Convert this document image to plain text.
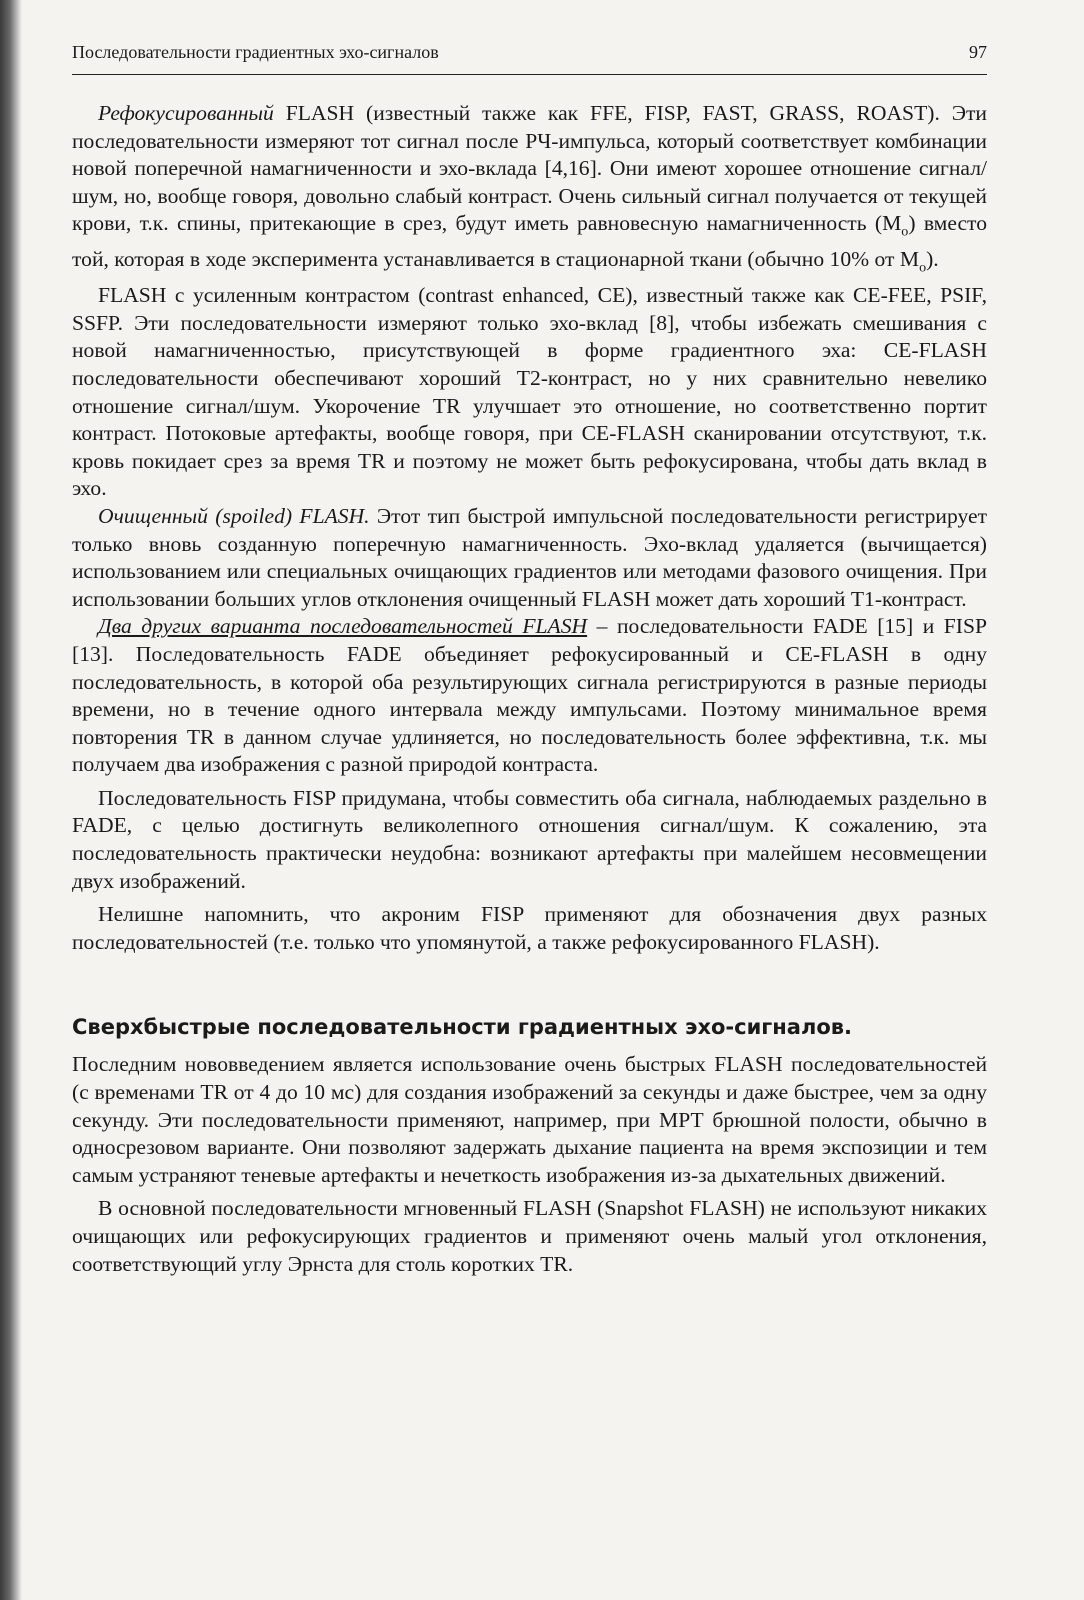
Последовательности градиентных эхо-сигналов	97

Рефокусированный FLASH (известный также как FFE, FISP, FAST, GRASS, ROAST). Эти последовательности измеряют тот сигнал после РЧ-импульса, который соответствует комбинации новой поперечной намагниченности и эхо-вклада [4,16]. Они имеют хорошее отношение сигнал/шум, но, вообще говоря, довольно слабый контраст. Очень сильный сигнал получается от текущей крови, т.к. спины, притекающие в срез, будут иметь равновесную намагниченность $(M_o)$ вместо той, которая в ходе эксперимента устанавливается в стационарной ткани (обычно 10% от $M_o$).

FLASH с усиленным контрастом (contrast enhanced, CE), известный также как CE-FEE, PSIF, SSFP. Эти последовательности измеряют только эхо-вклад [8], чтобы избежать смешивания с новой намагниченностью, присутствующей в форме градиентного эха: CE-FLASH последовательности обеспечивают хороший T2-контраст, но у них сравнительно невелико отношение сигнал/шум. Укорочение TR улучшает это отношение, но соответственно портит контраст. Потоковые артефакты, вообще говоря, при CE-FLASH сканировании отсутствуют, т.к. кровь покидает срез за время TR и поэтому не может быть рефокусирована, чтобы дать вклад в эхо.

Очищенный (spoiled) FLASH. Этот тип быстрой импульсной последовательности регистрирует только вновь созданную поперечную намагниченность. Эхо-вклад удаляется (вычищается) использованием или специальных очищающих градиентов или методами фазового очищения. При использовании больших углов отклонения очищенный FLASH может дать хороший T1-контраст.

Два других варианта последовательностей FLASH – последовательности FADE [15] и FISP [13]. Последовательность FADE объединяет рефокусированный и CE-FLASH в одну последовательность, в которой оба результирующих сигнала регистрируются в разные периоды времени, но в течение одного интервала между импульсами. Поэтому минимальное время повторения TR в данном случае удлиняется, но последовательность более эффективна, т.к. мы получаем два изображения с разной природой контраста.

Последовательность FISP придумана, чтобы совместить оба сигнала, наблюдаемых раздельно в FADE, с целью достигнуть великолепного отношения сигнал/шум. К сожалению, эта последовательность практически неудобна: возникают артефакты при малейшем несовмещении двух изображений.

Нелишне напомнить, что акроним FISP применяют для обозначения двух разных последовательностей (т.е. только что упомянутой, а также рефокусированного FLASH).

Сверхбыстрые последовательности градиентных эхо-сигналов.

Последним нововведением является использование очень быстрых FLASH последовательностей (с временами TR от 4 до 10 мс) для создания изображений за секунды и даже быстрее, чем за одну секунду. Эти последовательности применяют, например, при МРТ брюшной полости, обычно в односрезовом варианте. Они позволяют задержать дыхание пациента на время экспозиции и тем самым устраняют теневые артефакты и нечеткость изображения из-за дыхательных движений.

В основной последовательности мгновенный FLASH (Snapshot FLASH) не используют никаких очищающих или рефокусирующих градиентов и применяют очень малый угол отклонения, соответствующий углу Эрнста для столь коротких TR.
